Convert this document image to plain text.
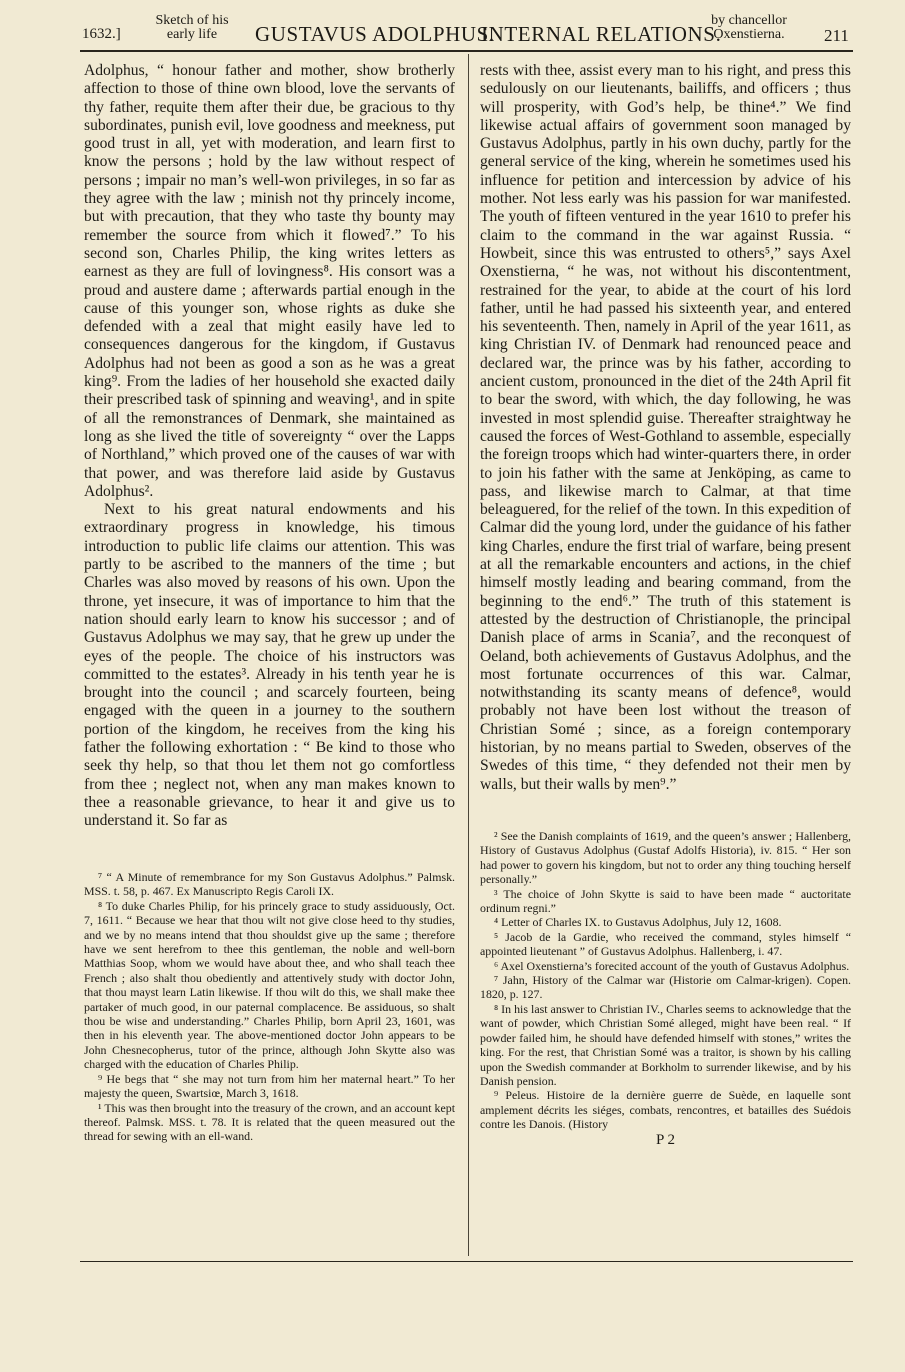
1632.]
Sketch of his early life	GUSTAVUS ADOLPHUS.
INTERNAL RELATIONS.
by chancellor Oxenstierna.	211

Adolphus, “ honour father and mother, show brotherly affection to those of thine own blood, love the servants of thy father, requite them after their due, be gracious to thy subordinates, punish evil, love goodness and meekness, put good trust in all, yet with moderation, and learn first to know the persons ; hold by the law without respect of persons ; impair no man’s well-won privileges, in so far as they agree with the law ; minish not thy princely income, but with precaution, that they who taste thy bounty may remember the source from which it flowed⁷.” To his second son, Charles Philip, the king writes letters as earnest as they are full of lovingness⁸. His consort was a proud and austere dame ; afterwards partial enough in the cause of this younger son, whose rights as duke she defended with a zeal that might easily have led to consequences dangerous for the kingdom, if Gustavus Adolphus had not been as good a son as he was a great king⁹. From the ladies of her household she exacted daily their prescribed task of spinning and weaving¹, and in spite of all the remonstrances of Denmark, she maintained as long as she lived the title of sovereignty “ over the Lapps of Northland,” which proved one of the causes of war with that power, and was therefore laid aside by Gustavus Adolphus².

Next to his great natural endowments and his extraordinary progress in knowledge, his timous introduction to public life claims our attention. This was partly to be ascribed to the manners of the time ; but Charles was also moved by reasons of his own. Upon the throne, yet insecure, it was of importance to him that the nation should early learn to know his successor ; and of Gustavus Adolphus we may say, that he grew up under the eyes of the people. The choice of his instructors was committed to the estates³. Already in his tenth year he is brought into the council ; and scarcely fourteen, being engaged with the queen in a journey to the southern portion of the kingdom, he receives from the king his father the following exhortation : “ Be kind to those who seek thy help, so that thou let them not go comfortless from thee ; neglect not, when any man makes known to thee a reasonable grievance, to hear it and give us to understand it. So far as

⁷ “ A Minute of remembrance for my Son Gustavus Adolphus.” Palmsk. MSS. t. 58, p. 467. Ex Manuscripto Regis Caroli IX.

⁸ To duke Charles Philip, for his princely grace to study assiduously, Oct. 7, 1611. “ Because we hear that thou wilt not give close heed to thy studies, and we by no means intend that thou shouldst give up the same ; therefore have we sent herefrom to thee this gentleman, the noble and well-born Matthias Soop, whom we would have about thee, and who shall teach thee French ; also shalt thou obediently and attentively study with doctor John, that thou mayst learn Latin likewise. If thou wilt do this, we shall make thee partaker of much good, in our paternal complacence. Be assiduous, so shalt thou be wise and understanding.” Charles Philip, born April 23, 1601, was then in his eleventh year. The above-mentioned doctor John appears to be John Chesnecopherus, tutor of the prince, although John Skytte also was charged with the education of Charles Philip.

⁹ He begs that “ she may not turn from him her maternal heart.” To her majesty the queen, Swartsiœ, March 3, 1618.

¹ This was then brought into the treasury of the crown, and an account kept thereof. Palmsk. MSS. t. 78. It is related that the queen measured out the thread for sewing with an ell-wand.

rests with thee, assist every man to his right, and press this sedulously on our lieutenants, bailiffs, and officers ; thus will prosperity, with God’s help, be thine⁴.” We find likewise actual affairs of government soon managed by Gustavus Adolphus, partly in his own duchy, partly for the general service of the king, wherein he sometimes used his influence for petition and intercession by advice of his mother. Not less early was his passion for war manifested. The youth of fifteen ventured in the year 1610 to prefer his claim to the command in the war against Russia. “ Howbeit, since this was entrusted to others⁵,” says Axel Oxenstierna, “ he was, not without his discontentment, restrained for the year, to abide at the court of his lord father, until he had passed his sixteenth year, and entered his seventeenth. Then, namely in April of the year 1611, as king Christian IV. of Denmark had renounced peace and declared war, the prince was by his father, according to ancient custom, pronounced in the diet of the 24th April fit to bear the sword, with which, the day following, he was invested in most splendid guise. Thereafter straightway he caused the forces of West-Gothland to assemble, especially the foreign troops which had winter-quarters there, in order to join his father with the same at Jenköping, as came to pass, and likewise march to Calmar, at that time beleaguered, for the relief of the town. In this expedition of Calmar did the young lord, under the guidance of his father king Charles, endure the first trial of warfare, being present at all the remarkable encounters and actions, in the chief himself mostly leading and bearing command, from the beginning to the end⁶.” The truth of this statement is attested by the destruction of Christianople, the principal Danish place of arms in Scania⁷, and the reconquest of Oeland, both achievements of Gustavus Adolphus, and the most fortunate occurrences of this war. Calmar, notwithstanding its scanty means of defence⁸, would probably not have been lost without the treason of Christian Somé ; since, as a foreign contemporary historian, by no means partial to Sweden, observes of the Swedes of this time, “ they defended not their men by walls, but their walls by men⁹.”

² See the Danish complaints of 1619, and the queen’s answer ; Hallenberg, History of Gustavus Adolphus (Gustaf Adolfs Historia), iv. 815. “ Her son had power to govern his kingdom, but not to order any thing touching herself personally.”

³ The choice of John Skytte is said to have been made “ auctoritate ordinum regni.”

⁴ Letter of Charles IX. to Gustavus Adolphus, July 12, 1608.

⁵ Jacob de la Gardie, who received the command, styles himself “ appointed lieutenant ” of Gustavus Adolphus. Hallenberg, i. 47.

⁶ Axel Oxenstierna’s forecited account of the youth of Gustavus Adolphus.

⁷ Jahn, History of the Calmar war (Historie om Calmar-krigen). Copen. 1820, p. 127.

⁸ In his last answer to Christian IV., Charles seems to acknowledge that the want of powder, which Christian Somé alleged, might have been real. “ If powder failed him, he should have defended himself with stones,” writes the king. For the rest, that Christian Somé was a traitor, is shown by his calling upon the Swedish commander at Borkholm to surrender likewise, and by his Danish pension.

⁹ Peleus. Histoire de la dernière guerre de Suède, en laquelle sont amplement décrits les siéges, combats, rencontres, et batailles des Suédois contre les Danois. (History

P 2
